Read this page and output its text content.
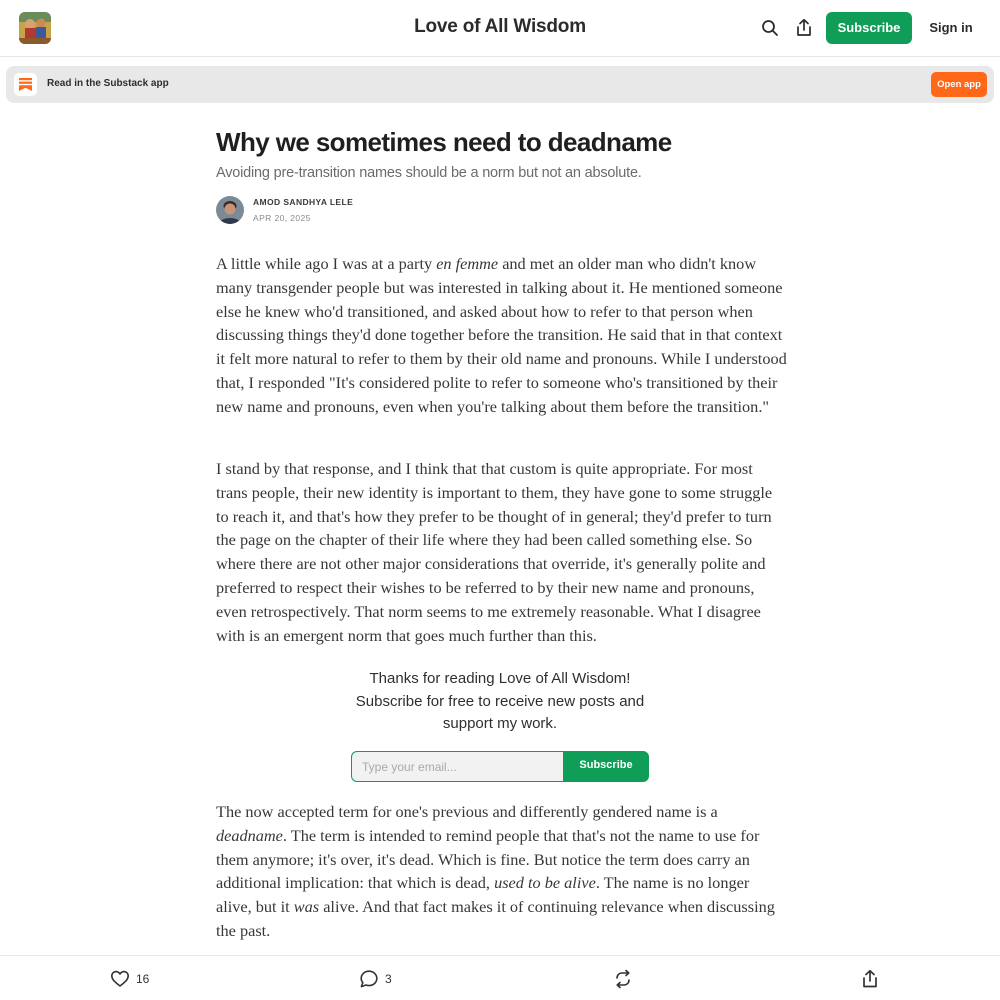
Love of All Wisdom	Subscribe	Sign in
Read in the Substack app	Open app
Why we sometimes need to deadname
Avoiding pre-transition names should be a norm but not an absolute.
AMOD SANDHYA LELE
APR 20, 2025

A little while ago I was at a party en femme and met an older man who didn't know many transgender people but was interested in talking about it. He mentioned someone else he knew who'd transitioned, and asked about how to refer to that person when discussing things they'd done together before the transition. He said that in that context it felt more natural to refer to them by their old name and pronouns. While I understood that, I responded "It's considered polite to refer to someone who's transitioned by their new name and pronouns, even when you're talking about them before the transition."

I stand by that response, and I think that that custom is quite appropriate. For most trans people, their new identity is important to them, they have gone to some struggle to reach it, and that's how they prefer to be thought of in general; they'd prefer to turn the page on the chapter of their life where they had been called something else. So where there are not other major considerations that override, it's generally polite and preferred to respect their wishes to be referred to by their new name and pronouns, even retrospectively. That norm seems to me extremely reasonable. What I disagree with is an emergent norm that goes much further than this.

Thanks for reading Love of All Wisdom!
Subscribe for free to receive new posts and
support my work.
Type your email...
Subscribe

The now accepted term for one's previous and differently gendered name is a deadname. The term is intended to remind people that that's not the name to use for them anymore; it's over, it's dead. Which is fine. But notice the term does carry an additional implication: that which is dead, used to be alive. The name is no longer alive, but it was alive. And that fact makes it of continuing relevance when discussing the past.

16	3
